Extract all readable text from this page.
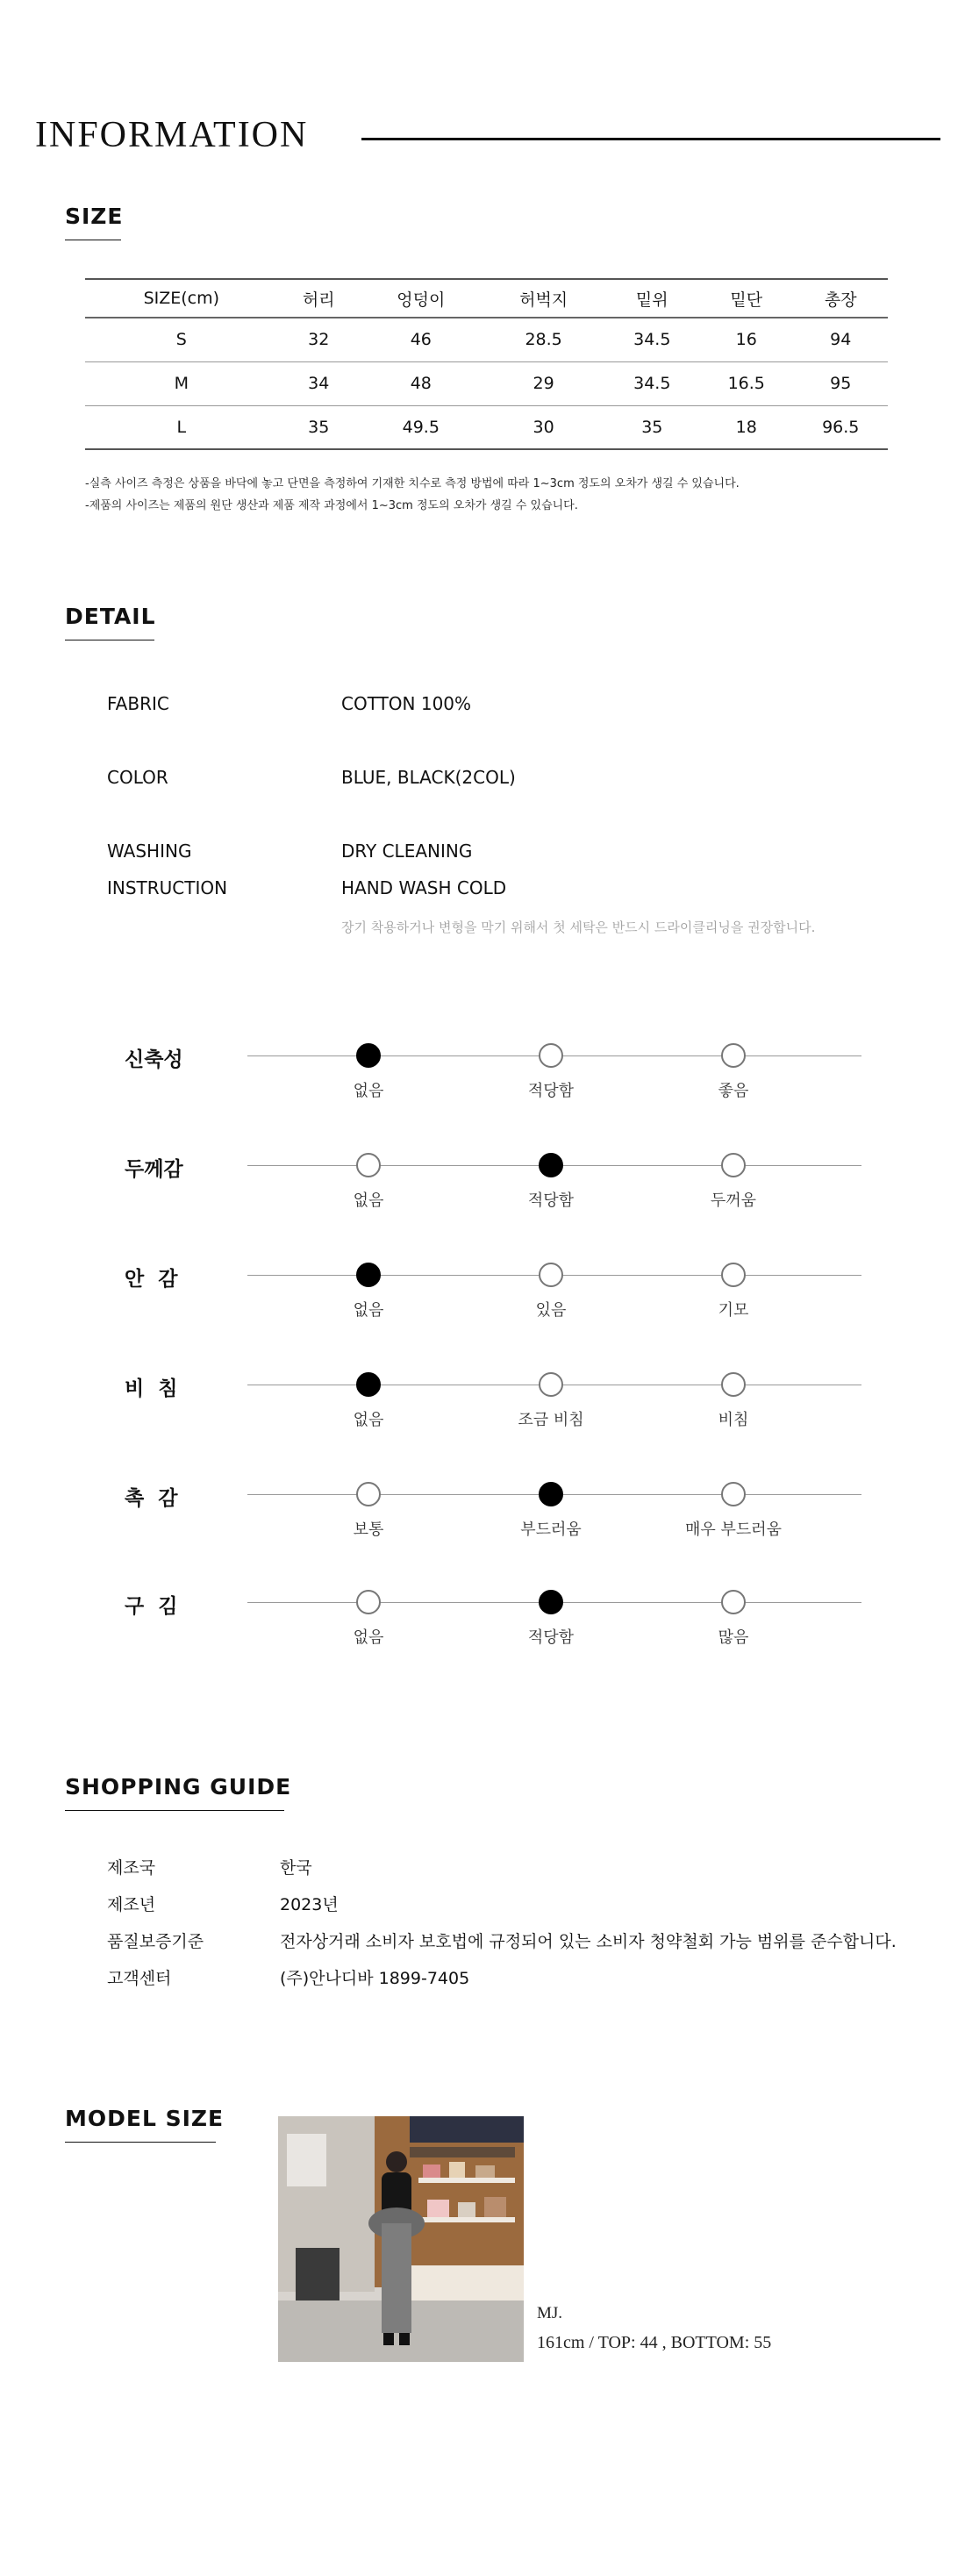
INFORMATION
SIZE
SIZE(cm)	허리	엉덩이	허벅지	밑위	밑단	총장
S	32	46	28.5	34.5	16	94
M	34	48	29	34.5	16.5	95
L	35	49.5	30	35	18	96.5

-실측 사이즈 측정은 상품을 바닥에 놓고 단면을 측정하여 기재한 치수로 측정 방법에 따라 1~3cm 정도의 오차가 생길 수 있습니다.

-제품의 사이즈는 제품의 원단 생산과 제품 제작 과정에서 1~3cm 정도의 오차가 생길 수 있습니다.

DETAIL
FABRIC	COTTON 100%
COLOR	BLUE, BLACK(2COL)
WASHING	DRY CLEANING
INSTRUCTION	HAND WASH COLD
장기 착용하거나 변형을 막기 위해서 첫 세탁은 반드시 드라이클리닝을 권장합니다.
신축성
없음	적당함	좋음
두께감
없음	적당함	두꺼움
안  감
없음	있음	기모
비  침
없음	조금 비침	비침
촉  감
보통	부드러움	매우 부드러움
구  김
없음	적당함	많음
SHOPPING GUIDE
제조국	한국
제조년	2023년
품질보증기준	전자상거래 소비자 보호법에 규정되어 있는 소비자 청약철회 가능 범위를 준수합니다.
고객센터	(주)안나디바 1899-7405
MODEL SIZE
MJ.
161cm / TOP: 44 , BOTTOM: 55
